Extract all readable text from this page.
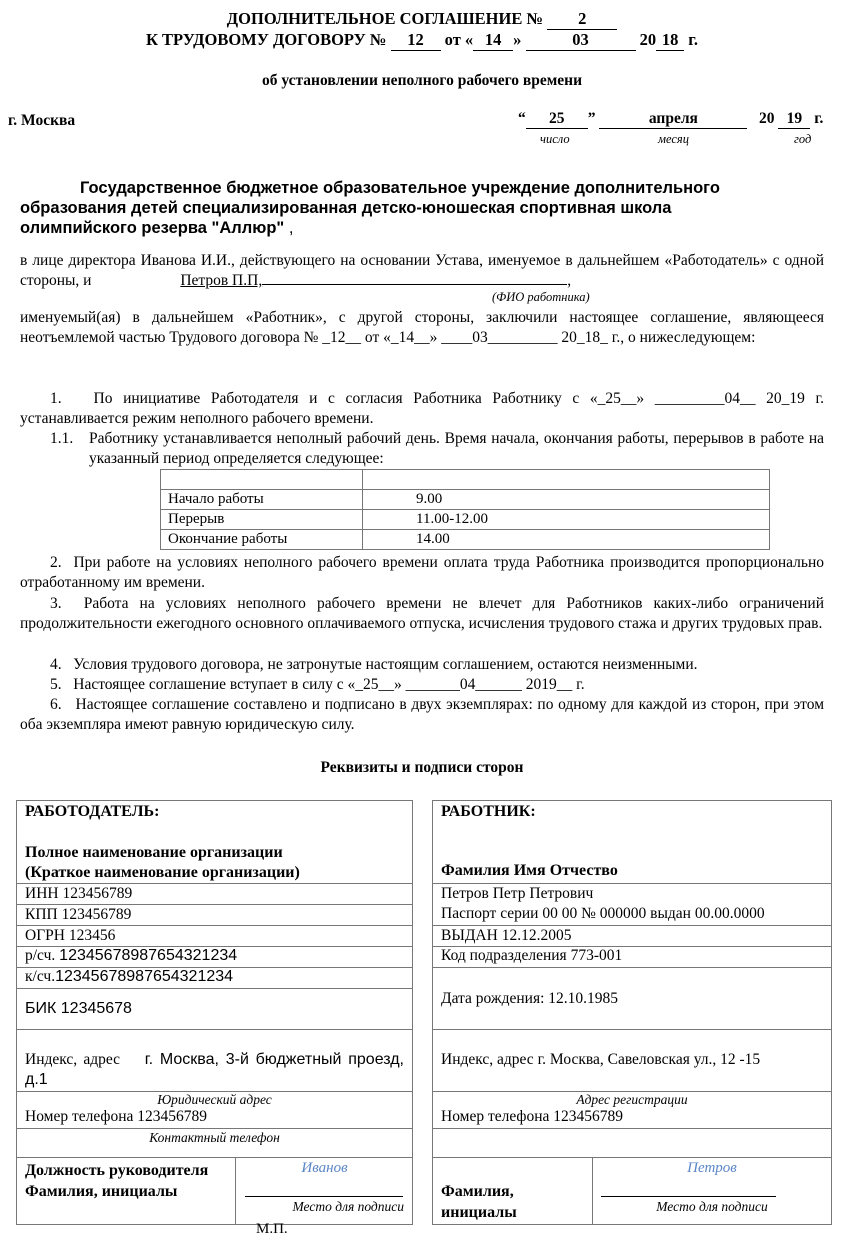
ДОПОЛНИТЕЛЬНОЕ СОГЛАШЕНИЕ № 2
К ТРУДОВОМУ ДОГОВОРУ № 12 от « 14 »	03	20 18 г.
об установлении неполного рабочего времени
г. Москва	“ 25 ”	апреля	20 19 г.
число	месяц	год
Государственное бюджетное образовательное учреждение дополнительного образования детей специализированная детско-юношеская спортивная школа олимпийского резерва "Аллюр" ,
в лице директора Иванова И.И., действующего на основании Устава, именуемое в дальнейшем «Работодатель» с одной стороны, и	Петров П.П,	,
(ФИО работника)
именуемый(ая) в дальнейшем «Работник», с другой стороны, заключили настоящее соглашение, являющееся неотъемлемой частью Трудового договора № _12__ от «_14__» ____03_________ 20_18_ г., о нижеследующем:
1. По инициативе Работодателя и с согласия Работника Работнику с «_25__» _________04__ 20_19 г. устанавливается режим неполного рабочего времени.
1.1. Работнику устанавливается неполный рабочий день. Время начала, окончания работы, перерывов в работе на указанный период определяется следующее:

Начало работы	9.00
Перерыв	11.00-12.00
Окончание работы	14.00
2. При работе на условиях неполного рабочего времени оплата труда Работника производится пропорционально отработанному им времени.
3. Работа на условиях неполного рабочего времени не влечет для Работников каких-либо ограничений продолжительности ежегодного основного оплачиваемого отпуска, исчисления трудового стажа и других трудовых прав.
4. Условия трудового договора, не затронутые настоящим соглашением, остаются неизменными.
5. Настоящее соглашение вступает в силу с «_25__» _______04______ 2019__ г.
6. Настоящее соглашение составлено и подписано в двух экземплярах: по одному для каждой из сторон, при этом оба экземпляра имеют равную юридическую силу.
Реквизиты и подписи сторон
РАБОТОДАТЕЛЬ:
Полное наименование организации
(Краткое наименование организации)
ИНН 123456789
КПП 123456789
ОГРН 123456
р/сч. 12345678987654321234
к/сч.12345678987654321234
БИК 12345678
Индекс, адрес г. Москва, 3-й бюджетный проезд, д.1
Юридический адрес
Номер телефона 123456789
Контактный телефон
Должность руководителя Фамилия, инициалы
Иванов
Место для подписи
М.П.
РАБОТНИК:
Фамилия Имя Отчество
Петров Петр Петрович
Паспорт серии 00 00 № 000000 выдан 00.00.0000
ВЫДАН 12.12.2005
Код подразделения 773-001
Дата рождения: 12.10.1985
Индекс, адрес г. Москва, Савеловская ул., 12 -15
Адрес регистрации
Номер телефона 123456789
Фамилия, инициалы
Петров
Место для подписи
